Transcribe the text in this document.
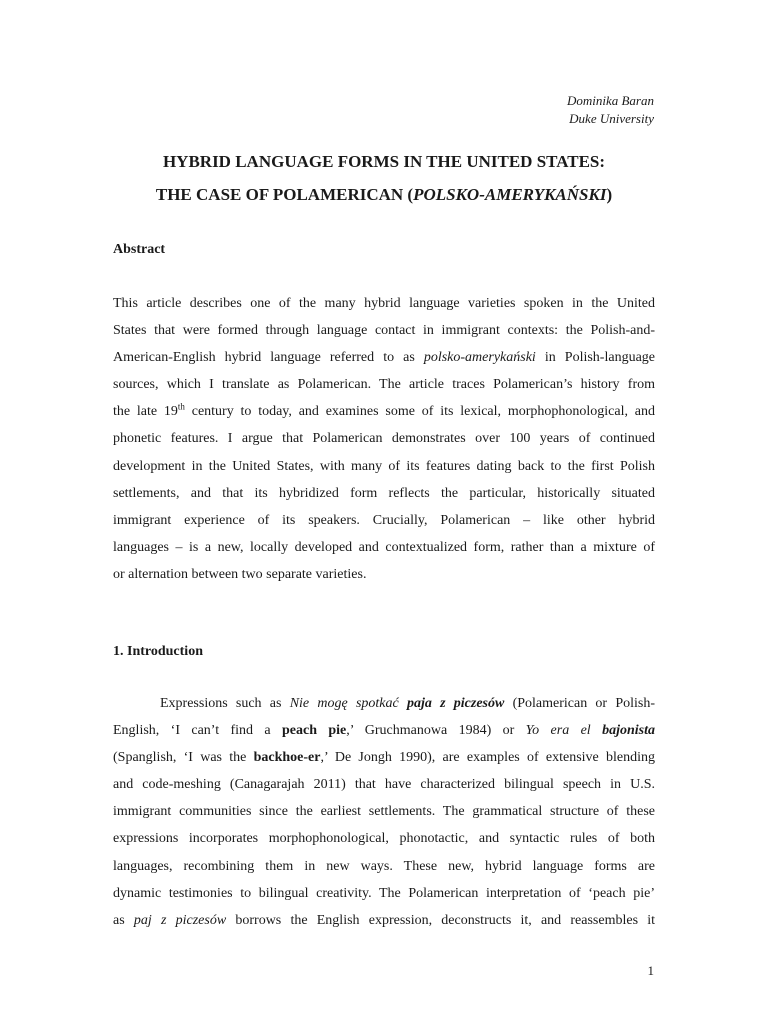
Dominika Baran
Duke University
HYBRID LANGUAGE FORMS IN THE UNITED STATES:
THE CASE OF POLAMERICAN (POLSKO-AMERYKAŃSKI)
Abstract
This article describes one of the many hybrid language varieties spoken in the United
States that were formed through language contact in immigrant contexts: the Polish-and-
American-English hybrid language referred to as polsko-amerykański in Polish-language
sources, which I translate as Polamerican. The article traces Polamerican’s history from
the late 19th century to today, and examines some of its lexical, morphophonological, and
phonetic features. I argue that Polamerican demonstrates over 100 years of continued
development in the United States, with many of its features dating back to the first Polish
settlements, and that its hybridized form reflects the particular, historically situated
immigrant experience of its speakers. Crucially, Polamerican – like other hybrid
languages – is a new, locally developed and contextualized form, rather than a mixture of
or alternation between two separate varieties.
1. Introduction
Expressions such as Nie mogę spotkać paja z piczesów (Polamerican or Polish-
English, ‘I can’t find a peach pie,’ Gruchmanowa 1984) or Yo era el bajonista
(Spanglish, ‘I was the backhoe-er,’ De Jongh 1990), are examples of extensive blending
and code-meshing (Canagarajah 2011) that have characterized bilingual speech in U.S.
immigrant communities since the earliest settlements. The grammatical structure of these
expressions incorporates morphophonological, phonotactic, and syntactic rules of both
languages, recombining them in new ways. These new, hybrid language forms are
dynamic testimonies to bilingual creativity. The Polamerican interpretation of ‘peach pie’
as paj z piczesów borrows the English expression, deconstructs it, and reassembles it
1
